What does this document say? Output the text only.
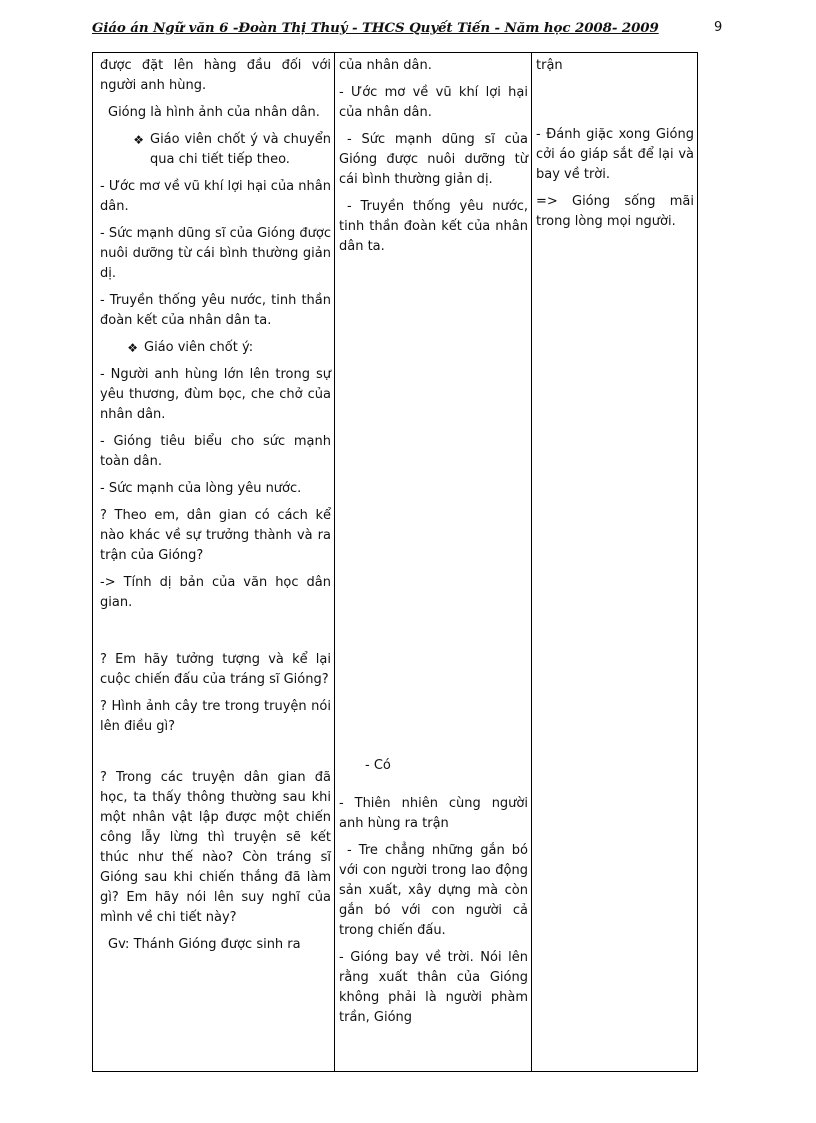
Giáo án Ngữ văn 6 -Đoàn Thị Thuý - THCS Quyết Tiến - Năm học 2008- 2009	9

được đặt lên hàng đầu đối với người anh hùng.

Gióng là hình ảnh của nhân dân.

❖ Giáo viên chốt ý và chuyển qua chi tiết tiếp theo.

- Ước mơ về vũ khí lợi hại của nhân dân.

- Sức mạnh dũng sĩ của Gióng được nuôi dưỡng từ cái bình thường giản dị.

- Truyền thống yêu nước, tinh thần đoàn kết của nhân dân ta.

❖ Giáo viên chốt ý:

- Người anh hùng lớn lên trong sự yêu thương, đùm bọc, che chở của nhân dân.

- Gióng tiêu biểu cho sức mạnh toàn dân.

- Sức mạnh của lòng yêu nước.

? Theo em, dân gian có cách kể nào khác về sự trưởng thành và ra trận của Gióng?

-> Tính dị bản của văn học dân gian.

? Em hãy tưởng tượng và kể lại cuộc chiến đấu của tráng sĩ Gióng?

? Hình ảnh cây tre trong truyện nói lên điều gì?

? Trong các truyện dân gian đã học, ta thấy thông thường sau khi một nhân vật lập được một chiến công lẫy lừng thì truyện sẽ kết thúc như thế nào? Còn tráng sĩ Gióng sau khi chiến thắng đã làm gì? Em hãy nói lên suy nghĩ của mình về chi tiết này?

Gv: Thánh Gióng được sinh ra

của nhân dân.

- Ước mơ về vũ khí lợi hại của nhân dân.

- Sức mạnh dũng sĩ của Gióng được nuôi dưỡng từ cái bình thường giản dị.

- Truyền thống yêu nước, tinh thần đoàn kết của nhân dân ta.

- Có

- Thiên nhiên cùng người anh hùng ra trận

- Tre chẳng những gắn bó với con người trong lao động sản xuất, xây dựng mà còn gắn bó với con người cả trong chiến đấu.

- Gióng bay về trời. Nói lên rằng xuất thân của Gióng không phải là người phàm trần, Gióng

trận

- Đánh giặc xong Gióng cởi áo giáp sắt để lại và bay về trời.

=> Gióng sống mãi trong lòng mọi người.
